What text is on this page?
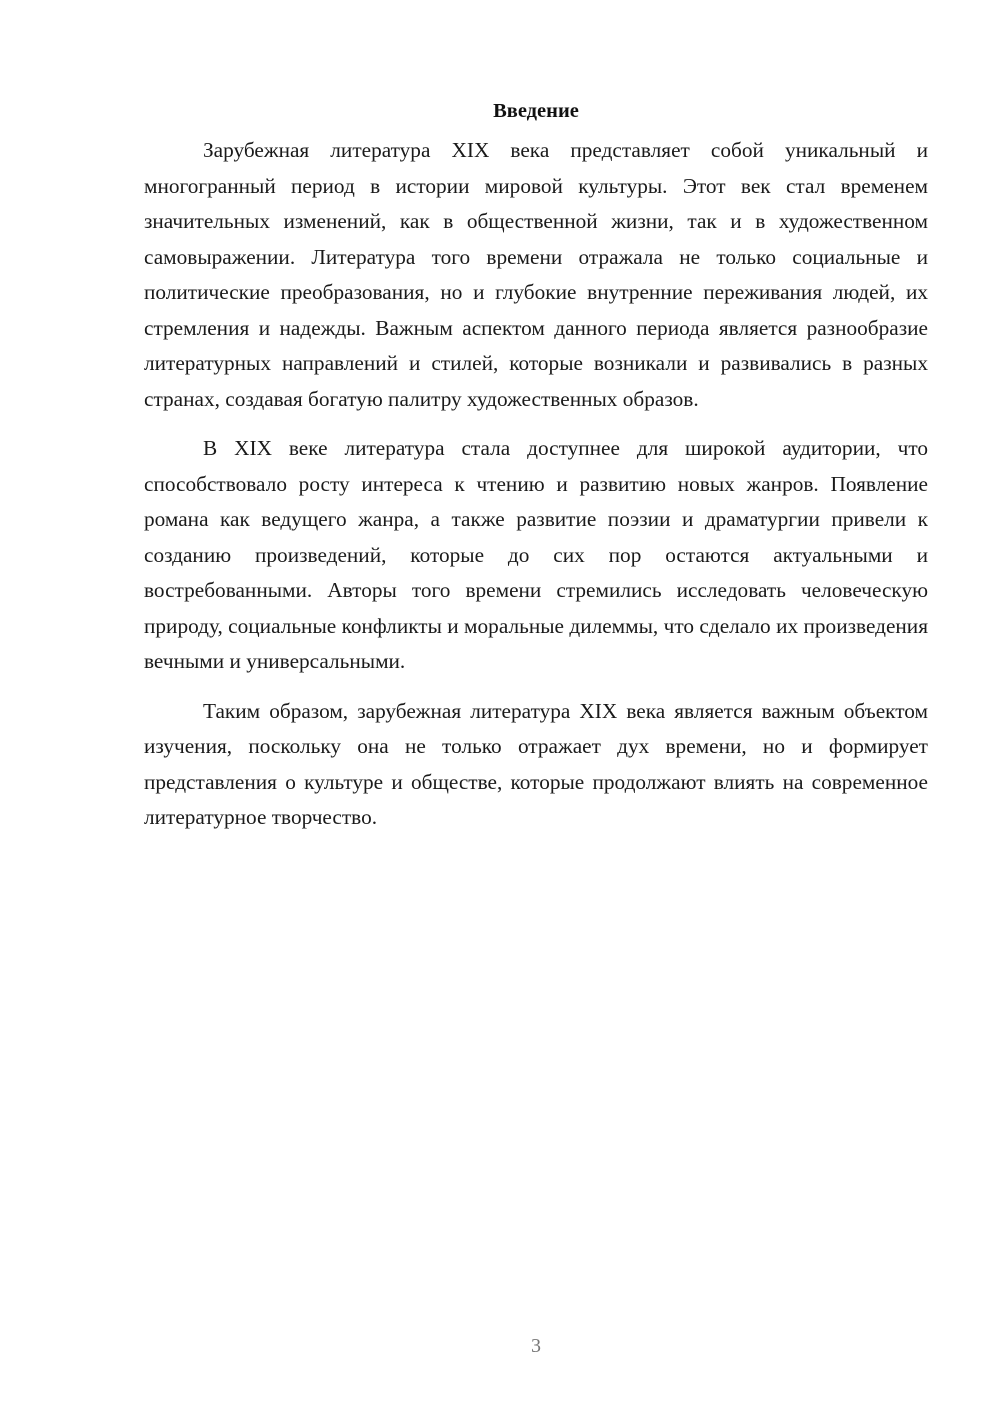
Введение

Зарубежная литература XIX века представляет собой уникальный и многогранный период в истории мировой культуры. Этот век стал временем значительных изменений, как в общественной жизни, так и в художественном самовыражении. Литература того времени отражала не только социальные и политические преобразования, но и глубокие внутренние переживания людей, их стремления и надежды. Важным аспектом данного периода является разнообразие литературных направлений и стилей, которые возникали и развивались в разных странах, создавая богатую палитру художественных образов.

В XIX веке литература стала доступнее для широкой аудитории, что способствовало росту интереса к чтению и развитию новых жанров. Появление романа как ведущего жанра, а также развитие поэзии и драматургии привели к созданию произведений, которые до сих пор остаются актуальными и востребованными. Авторы того времени стремились исследовать человеческую природу, социальные конфликты и моральные дилеммы, что сделало их произведения вечными и универсальными.

Таким образом, зарубежная литература XIX века является важным объектом изучения, поскольку она не только отражает дух времени, но и формирует представления о культуре и обществе, которые продолжают влиять на современное литературное творчество.

3
